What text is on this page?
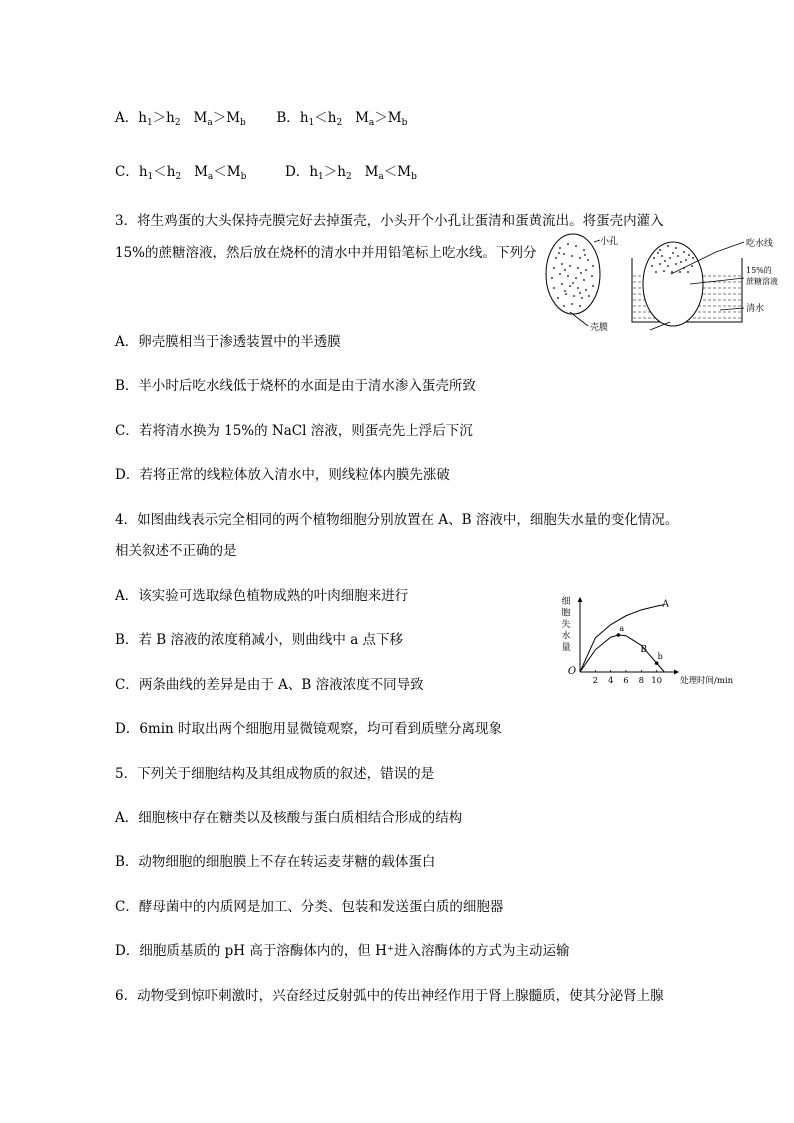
A．$h_1>h_2$ $M_a>M_b$ B．$h_1<h_2$ $M_a>M_b$
C．$h_1<h_2$ $M_a<M_b$	D．$h_1>h_2$ $M_a<M_b$
3．将生鸡蛋的大头保持壳膜完好去掉蛋壳，小头开个小孔让蛋清和蛋黄流出。将蛋壳内灌入
15%的蔗糖溶液，然后放在烧杯的清水中并用铅笔标上吃水线。下列分
小孔
壳膜
吃水线
15%的
蔗糖溶液
清水
A．卵壳膜相当于渗透装置中的半透膜
B．半小时后吃水线低于烧杯的水面是由于清水渗入蛋壳所致
C．若将清水换为 15%的 NaCl 溶液，则蛋壳先上浮后下沉
D．若将正常的线粒体放入清水中，则线粒体内膜先涨破
4．如图曲线表示完全相同的两个植物细胞分别放置在 A、B 溶液中，细胞失水量的变化情况。
相关叙述不正确的是
A．该实验可选取绿色植物成熟的叶肉细胞来进行
B．若 B 溶液的浓度稍减小，则曲线中 a 点下移
C．两条曲线的差异是由于 A、B 溶液浓度不同导致
D．6min 时取出两个细胞用显微镜观察，均可看到质壁分离现象
细
胞
失
水
量
O
2 4 6 8 10 处理时间/min
A
B
a
b
5．下列关于细胞结构及其组成物质的叙述，错误的是
A．细胞核中存在糖类以及核酸与蛋白质相结合形成的结构
B．动物细胞的细胞膜上不存在转运麦芽糖的载体蛋白
C．酵母菌中的内质网是加工、分类、包装和发送蛋白质的细胞器
D．细胞质基质的 pH 高于溶酶体内的，但 H⁺进入溶酶体的方式为主动运输
6．动物受到惊吓刺激时，兴奋经过反射弧中的传出神经作用于肾上腺髓质，使其分泌肾上腺
